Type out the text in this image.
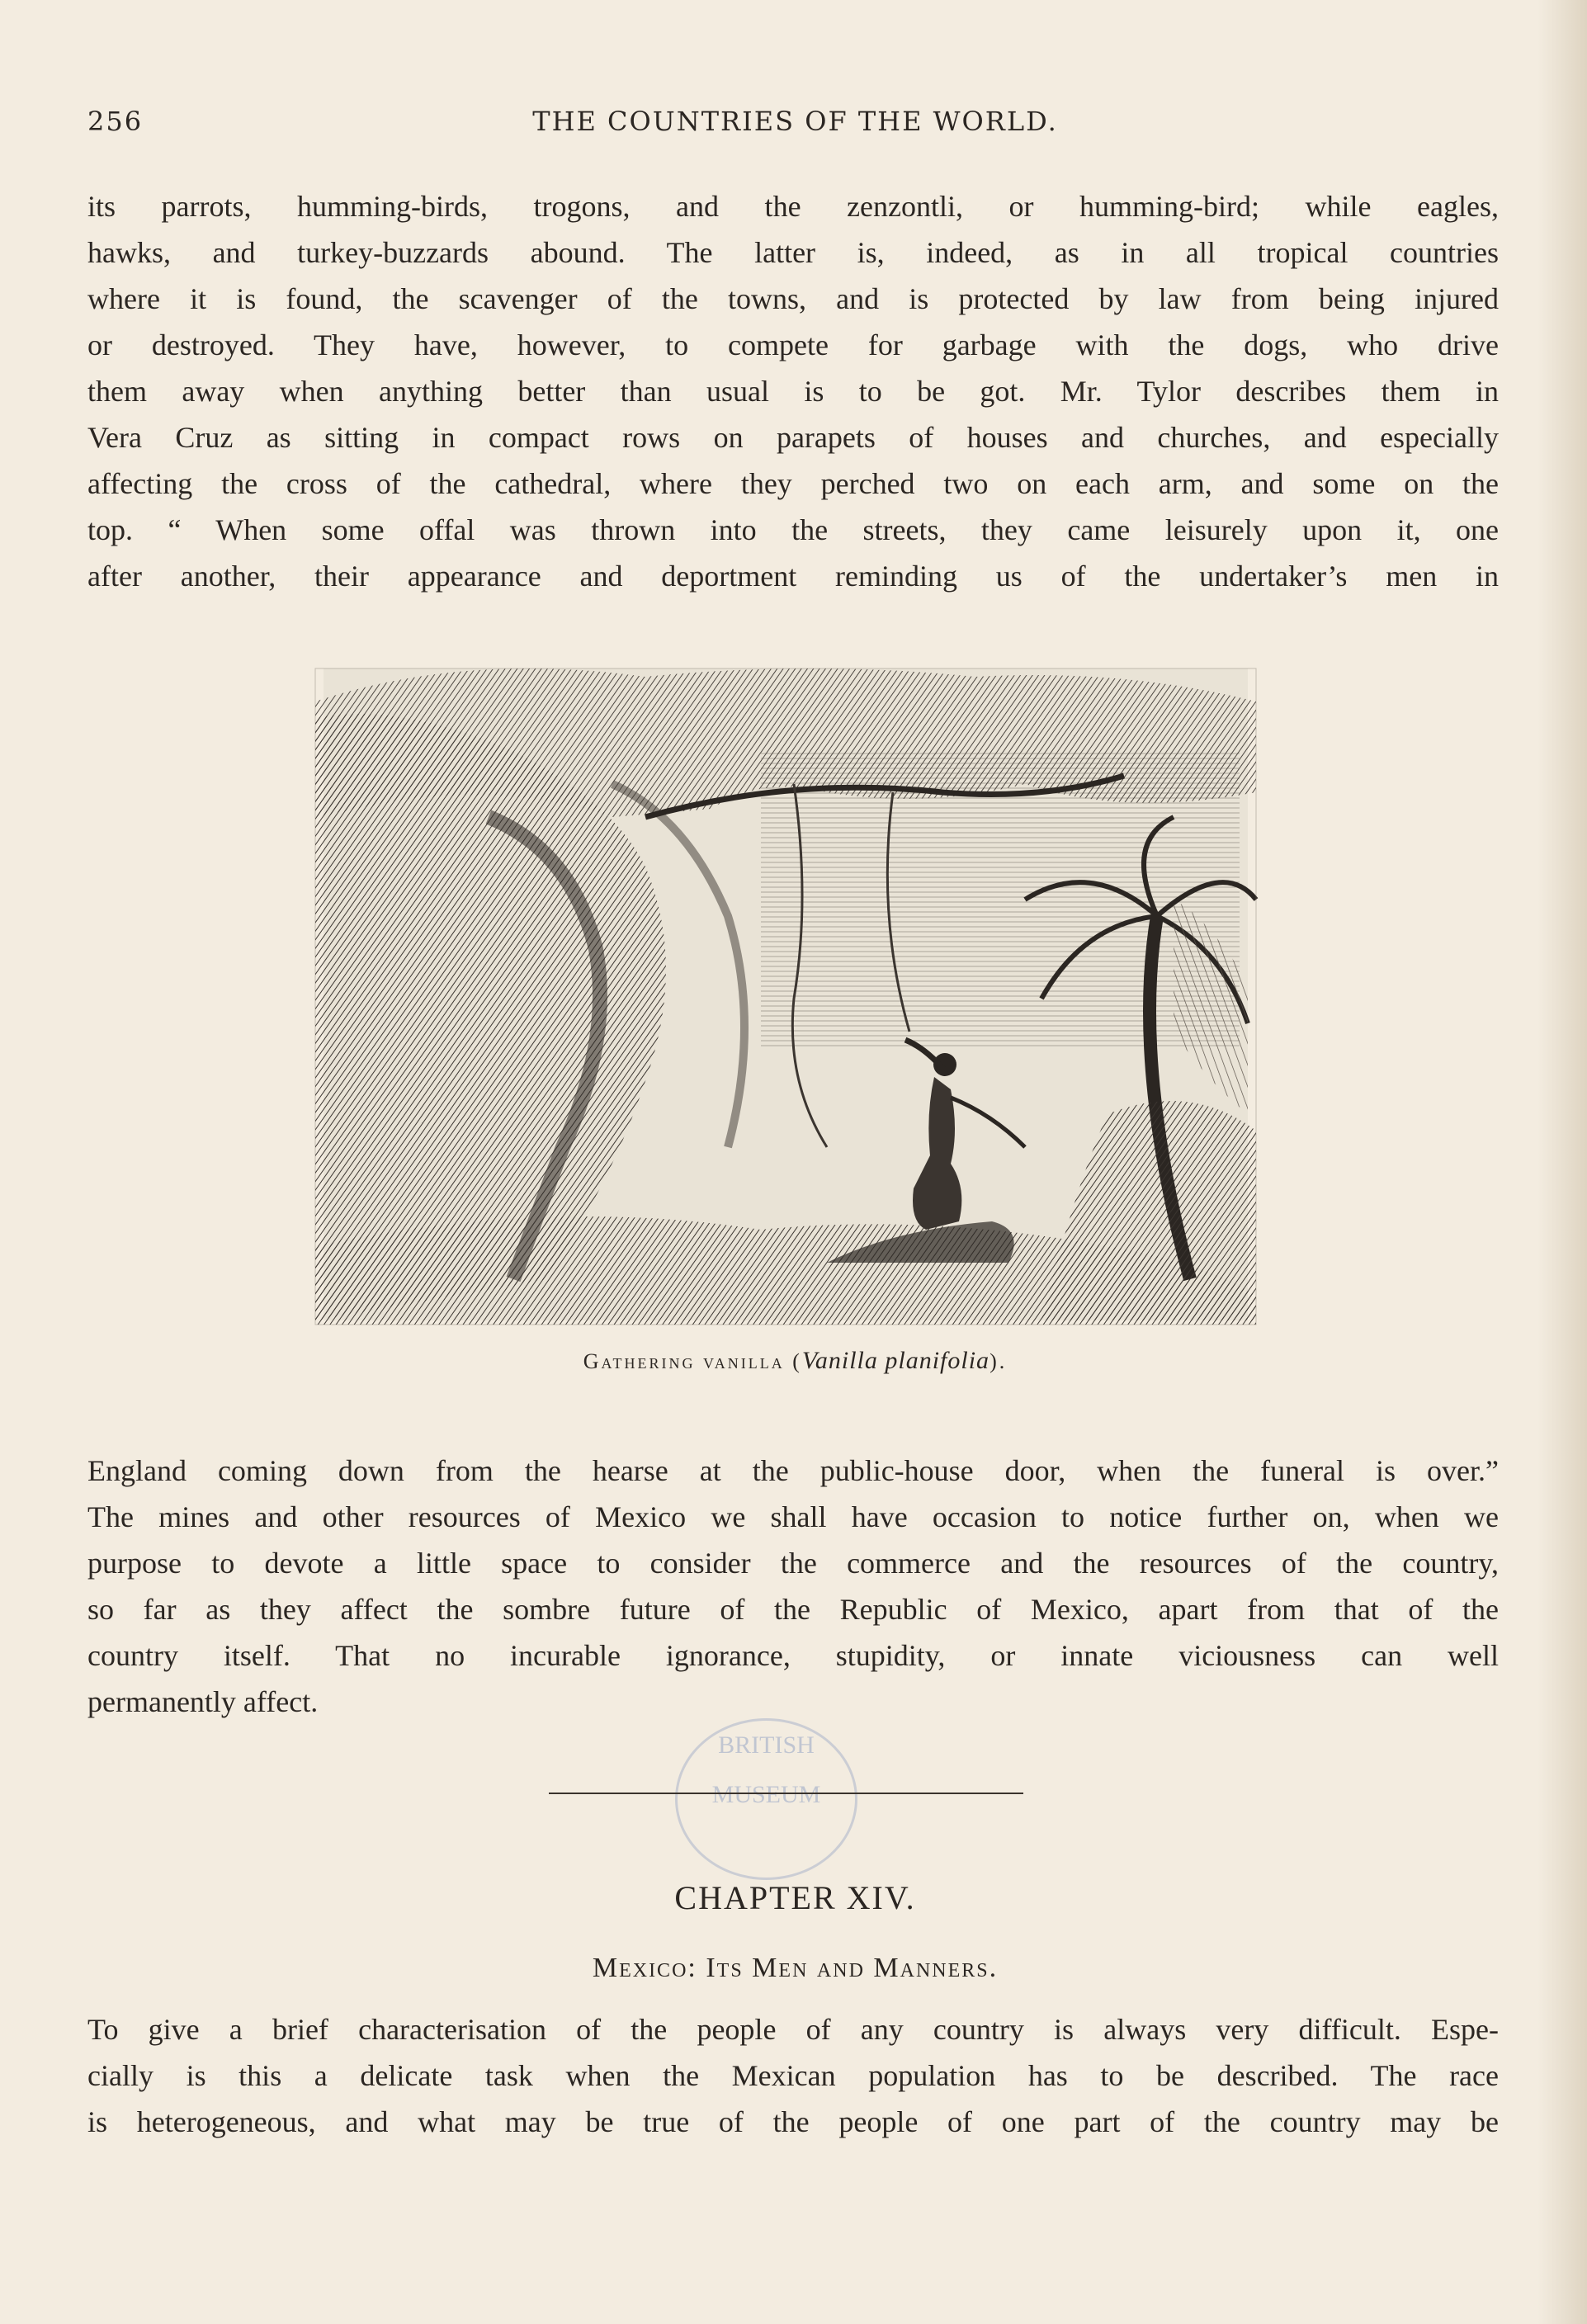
256	THE COUNTRIES OF THE WORLD.

its parrots, humming-birds, trogons, and the zenzontli, or humming-bird; while eagles,
hawks, and turkey-buzzards abound. The latter is, indeed, as in all tropical countries
where it is found, the scavenger of the towns, and is protected by law from being injured
or destroyed. They have, however, to compete for garbage with the dogs, who drive
them away when anything better than usual is to be got. Mr. Tylor describes them in
Vera Cruz as sitting in compact rows on parapets of houses and churches, and especially
affecting the cross of the cathedral, where they perched two on each arm, and some on the
top. “ When some offal was thrown into the streets, they came leisurely upon it, one
after another, their appearance and deportment reminding us of the undertaker’s men in

Gathering vanilla (Vanilla planifolia).

England coming down from the hearse at the public-house door, when the funeral is over.”
The mines and other resources of Mexico we shall have occasion to notice further on, when we
purpose to devote a little space to consider the commerce and the resources of the country,
so far as they affect the sombre future of the Republic of Mexico, apart from that of the
country itself. That no incurable ignorance, stupidity, or innate viciousness can well
permanently affect.

BRITISH
MUSEUM
CHAPTER XIV.
Mexico: Its Men and Manners.

To give a brief characterisation of the people of any country is always very difficult. Espe-
cially is this a delicate task when the Mexican population has to be described. The race
is heterogeneous, and what may be true of the people of one part of the country may be
